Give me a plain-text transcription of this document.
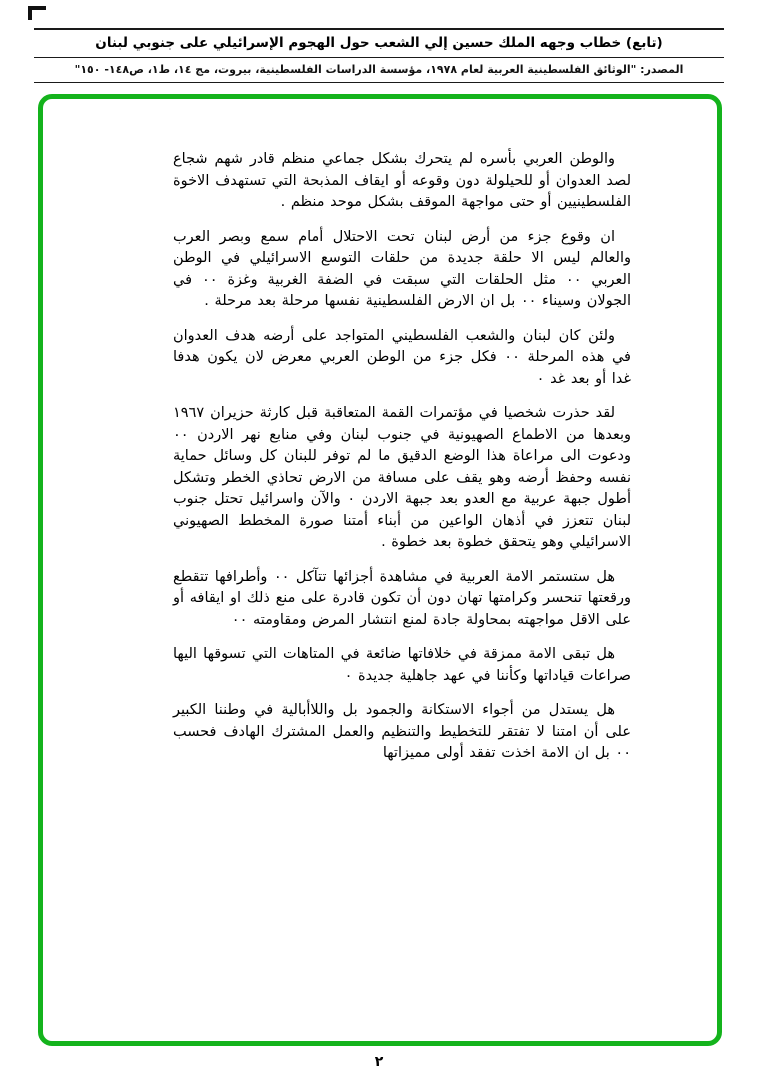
(تابع) خطاب وجهه الملك حسين إلي الشعب حول الهجوم الإسرائيلي على جنوبي لبنان
المصدر: "الوثائق الفلسطينية العربية لعام ١٩٧٨، مؤسسة الدراسات الفلسطينية، بيروت، مج ١٤، ط١، ص١٤٨- ١٥٠"

والوطن العربي بأسره لم يتحرك بشكل جماعي منظم قادر شهم شجاع لصد العدوان أو للحيلولة دون وقوعه أو ايقاف المذبحة التي تستهدف الاخوة الفلسطينيين أو حتى مواجهة الموقف بشكل موحد منظم .

ان وقوع جزء من أرض لبنان تحت الاحتلال أمام سمع وبصر العرب والعالم ليس الا حلقة جديدة من حلقات التوسع الاسرائيلي في الوطن العربي ٠٠ مثل الحلقات التي سبقت في الضفة الغربية وغزة ٠٠ في الجولان وسيناء ٠٠ بل ان الارض الفلسطينية نفسها مرحلة بعد مرحلة .

ولئن كان لبنان والشعب الفلسطيني المتواجد على أرضه هدف العدوان في هذه المرحلة ٠٠ فكل جزء من الوطن العربي معرض لان يكون هدفا غدا أو بعد غد ٠

لقد حذرت شخصيا في مؤتمرات القمة المتعاقبة قبل كارثة حزيران ١٩٦٧ وبعدها من الاطماع الصهيونية في جنوب لبنان وفي منابع نهر الاردن ٠٠ ودعوت الى مراعاة هذا الوضع الدقيق ما لم توفر للبنان كل وسائل حماية نفسه وحفظ أرضه وهو يقف على مسافة من الارض تحاذي الخطر وتشكل أطول جبهة عربية مع العدو بعد جبهة الاردن ٠ والآن واسرائيل تحتل جنوب لبنان تتعزز في أذهان الواعين من أبناء أمتنا صورة المخطط الصهيوني الاسرائيلي وهو يتحقق خطوة بعد خطوة .

هل ستستمر الامة العربية في مشاهدة أجزائها تتآكل ٠٠ وأطرافها تتقطع ورقعتها تنحسر وكرامتها تهان دون أن تكون قادرة على منع ذلك او ايقافه أو على الاقل مواجهته بمحاولة جادة لمنع انتشار المرض ومقاومته ٠٠

هل تبقى الامة ممزقة في خلافاتها ضائعة في المتاهات التي تسوقها اليها صراعات قياداتها وكأننا في عهد جاهلية جديدة ٠

هل يستدل من أجواء الاستكانة والجمود بل واللاأبالية في وطننا الكبير على أن امتنا لا تفتقر للتخطيط والتنظيم والعمل المشترك الهادف فحسب ٠٠ بل ان الامة اخذت تفقد أولى مميزاتها

٢
